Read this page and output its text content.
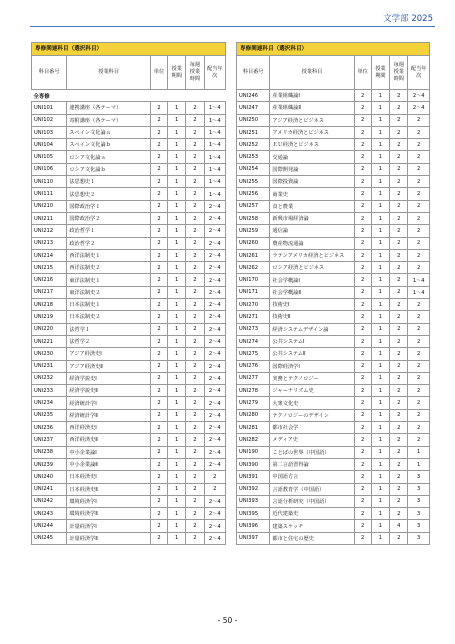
文学部 2025
専修関連科目（選択科目）
科目番号	授業科目	単位	授業期間	毎週授業時間	配当年次
全専修					
UNI101	連携講座（各テーマ）	2	1	2	1〜4
UNI102	寄附講座（各テーマ）	2	1	2	1〜4
UNI103	スペイン文化論ａ	2	1	2	1〜4
UNI104	スペイン文化論ｂ	2	1	2	1〜4
UNI105	ロシア文化論ａ	2	1	2	1〜4
UNI106	ロシア文化論ｂ	2	1	2	1〜4
UNI110	法思想史１	2	1	2	1〜4
UNI111	法思想史２	2	1	2	1〜4
UNI210	国際政治学１	2	1	2	2〜4
UNI211	国際政治学２	2	1	2	2〜4
UNI212	政治哲学１	2	1	2	2〜4
UNI213	政治哲学２	2	1	2	2〜4
UNI214	西洋法制史１	2	1	2	2〜4
UNI215	西洋法制史２	2	1	2	2〜4
UNI216	東洋法制史１	2	1	2	2〜4
UNI217	東洋法制史２	2	1	2	2〜4
UNI218	日本法制史１	2	1	2	2〜4
UNI219	日本法制史２	2	1	2	2〜4
UNI220	法哲学１	2	1	2	2〜4
UNI221	法哲学２	2	1	2	2〜4
UNI230	アジア経済史Ⅰ	2	1	2	2〜4
UNI231	アジア経済史Ⅱ	2	1	2	2〜4
UNI232	経済学説史Ⅰ	2	1	2	2〜4
UNI233	経済学説史Ⅱ	2	1	2	2〜4
UNI234	経済統計学Ⅰ	2	1	2	2〜4
UNI235	経済統計学Ⅱ	2	1	2	2〜4
UNI236	西洋経済史Ⅰ	2	1	2	2〜4
UNI237	西洋経済史Ⅱ	2	1	2	2〜4
UNI238	中小企業論Ⅰ	2	1	2	2〜4
UNI239	中小企業論Ⅱ	2	1	2	2〜4
UNI240	日本経済史Ⅰ	2	1	2	2
UNI241	日本経済史Ⅱ	2	1	2	2
UNI242	環境経済学Ⅰ	2	1	2	2〜4
UNI243	環境経済学Ⅱ	2	1	2	2〜4
UNI244	計量経済学Ⅰ	2	1	2	2〜4
UNI245	計量経済学Ⅱ	2	1	2	2〜4
専修関連科目（選択科目）
科目番号	授業科目	単位	授業期間	毎週授業時間	配当年次
UNI246	産業組織論Ⅰ	2	1	2	2〜4
UNI247	産業組織論Ⅱ	2	1	2	2〜4
UNI250	アジア経済とビジネス	2	1	2	2
UNI251	アメリカ経済とビジネス	2	1	2	2
UNI252	ＥＵ経済とビジネス	2	1	2	2
UNI253	交通論	2	1	2	2
UNI254	国際開発論	2	1	2	2
UNI255	国際投資論	2	1	2	2
UNI256	商業史	2	1	2	2
UNI257	食と農業	2	1	2	2
UNI258	新興市場経済論	2	1	2	2
UNI259	通信論	2	1	2	2
UNI260	農産物流通論	2	1	2	2
UNI261	ラテンアメリカ経済とビジネス	2	1	2	2
UNI262	ロシア経済とビジネス	2	1	2	2
UNI170	社会学概論Ⅰ	2	1	2	1〜4
UNI171	社会学概論Ⅱ	2	1	2	1〜4
UNI270	技術史Ⅰ	2	1	2	2
UNI271	技術史Ⅱ	2	1	2	2
UNI273	経済システムデザイン論	2	1	2	2
UNI274	公共システムⅠ	2	1	2	2
UNI275	公共システムⅡ	2	1	2	2
UNI276	国際経済学Ⅰ	2	1	2	2
UNI277	実務とテクノロジー	2	1	2	2
UNI278	ジャーナリズム史	2	1	2	2
UNI279	大衆文化史	2	1	2	2
UNI280	テクノロジーのデザイン	2	1	2	2
UNI281	都市社会学	2	1	2	2
UNI282	メディア史	2	1	2	2
UNI190	ことばの世界（中国語）	2	1	2	1
UNI390	第二言語習得論	2	1	2	1
UNI391	中国語方言	2	1	2	3
UNI392	言語教育学（中国語）	2	1	2	3
UNI393	言語分析研究（中国語）	2	1	2	3
UNI395	近代建築史	2	1	2	3
UNI396	建築スケッチ	2	1	4	3
UNI397	都市と住宅の歴史	2	1	2	3
- 50 -
